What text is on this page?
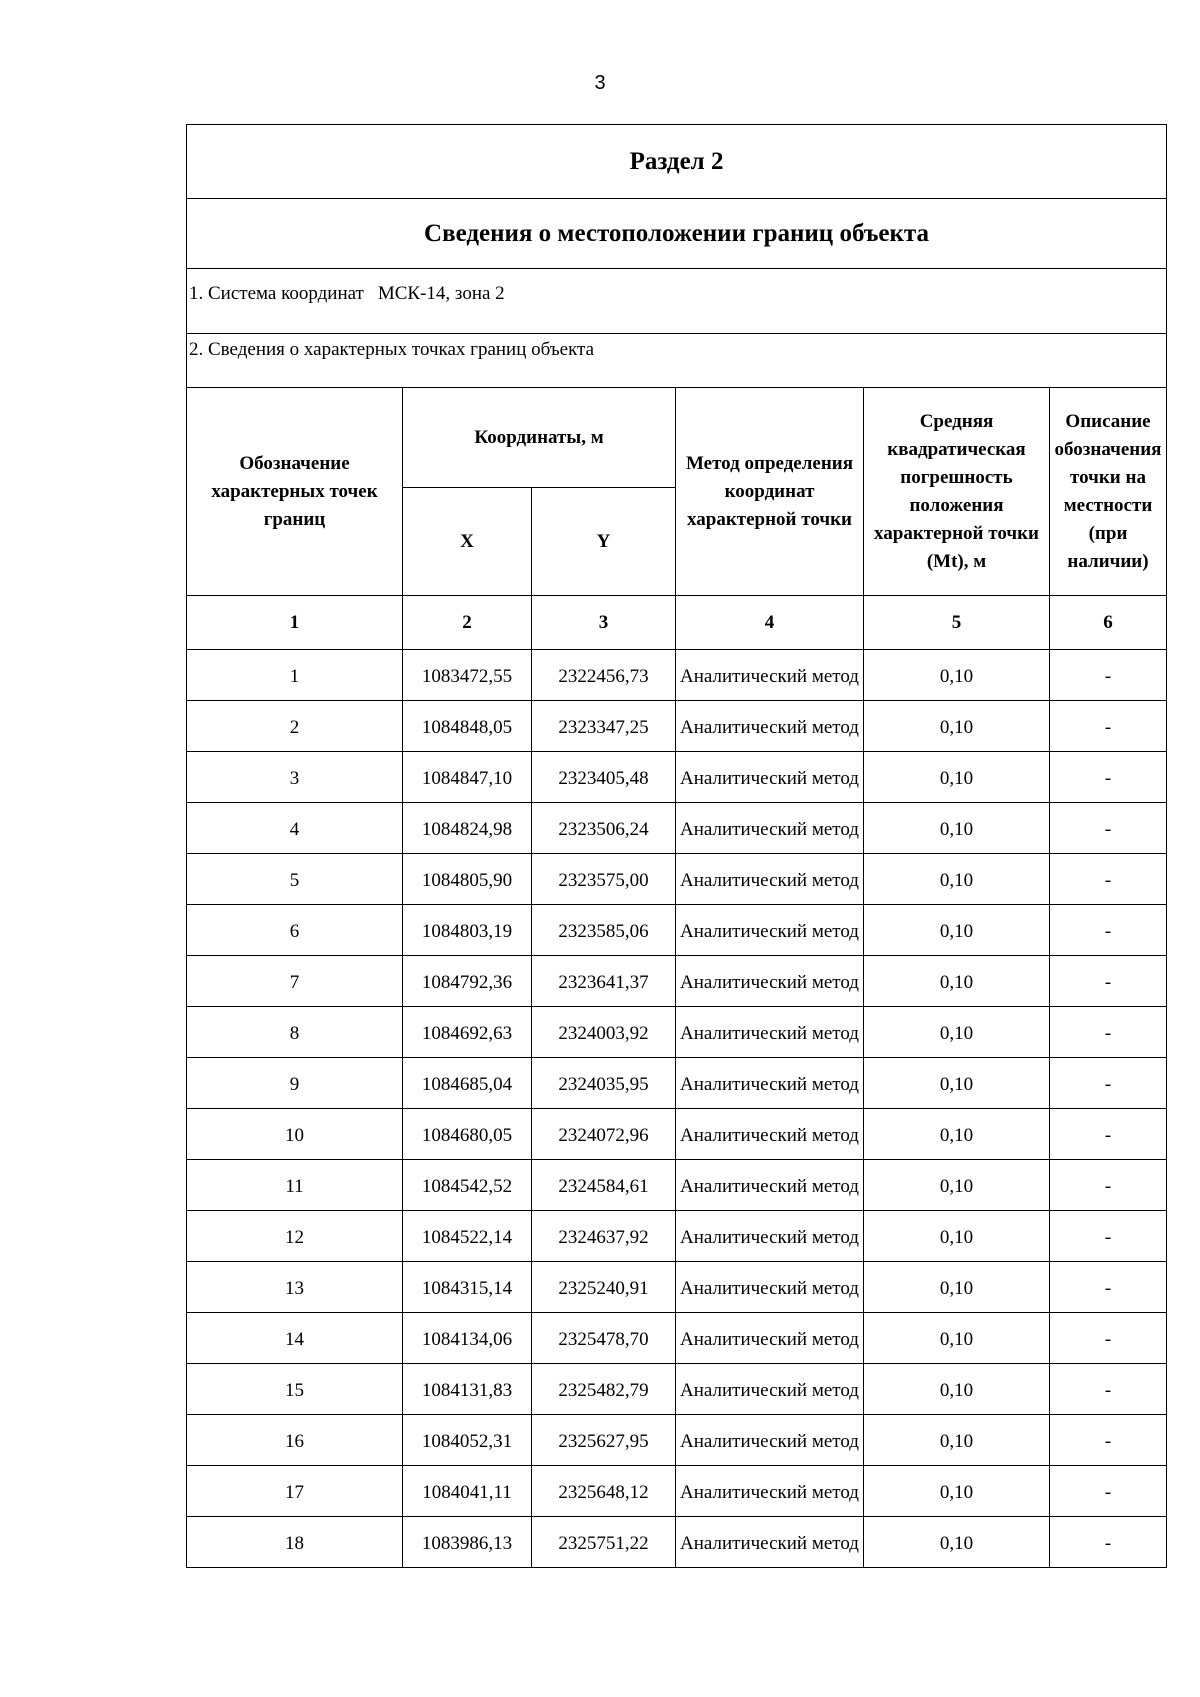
3
Раздел 2					
Сведения о местоположении границ объекта					
1. Система координат МСК-14, зона 2					
2. Сведения о характерных точках границ объекта					
Обозначение характерных точек границ	Координаты, м		Метод определения координат характерной точки	Средняя квадратическая погрешность положения характерной точки (Mt), м	Описание обозначения точки на местности (при наличии)
	X	Y			
1	2	3	4	5	6
1	1083472,55	2322456,73	Аналитический метод	0,10	-
2	1084848,05	2323347,25	Аналитический метод	0,10	-
3	1084847,10	2323405,48	Аналитический метод	0,10	-
4	1084824,98	2323506,24	Аналитический метод	0,10	-
5	1084805,90	2323575,00	Аналитический метод	0,10	-
6	1084803,19	2323585,06	Аналитический метод	0,10	-
7	1084792,36	2323641,37	Аналитический метод	0,10	-
8	1084692,63	2324003,92	Аналитический метод	0,10	-
9	1084685,04	2324035,95	Аналитический метод	0,10	-
10	1084680,05	2324072,96	Аналитический метод	0,10	-
11	1084542,52	2324584,61	Аналитический метод	0,10	-
12	1084522,14	2324637,92	Аналитический метод	0,10	-
13	1084315,14	2325240,91	Аналитический метод	0,10	-
14	1084134,06	2325478,70	Аналитический метод	0,10	-
15	1084131,83	2325482,79	Аналитический метод	0,10	-
16	1084052,31	2325627,95	Аналитический метод	0,10	-
17	1084041,11	2325648,12	Аналитический метод	0,10	-
18	1083986,13	2325751,22	Аналитический метод	0,10	-
